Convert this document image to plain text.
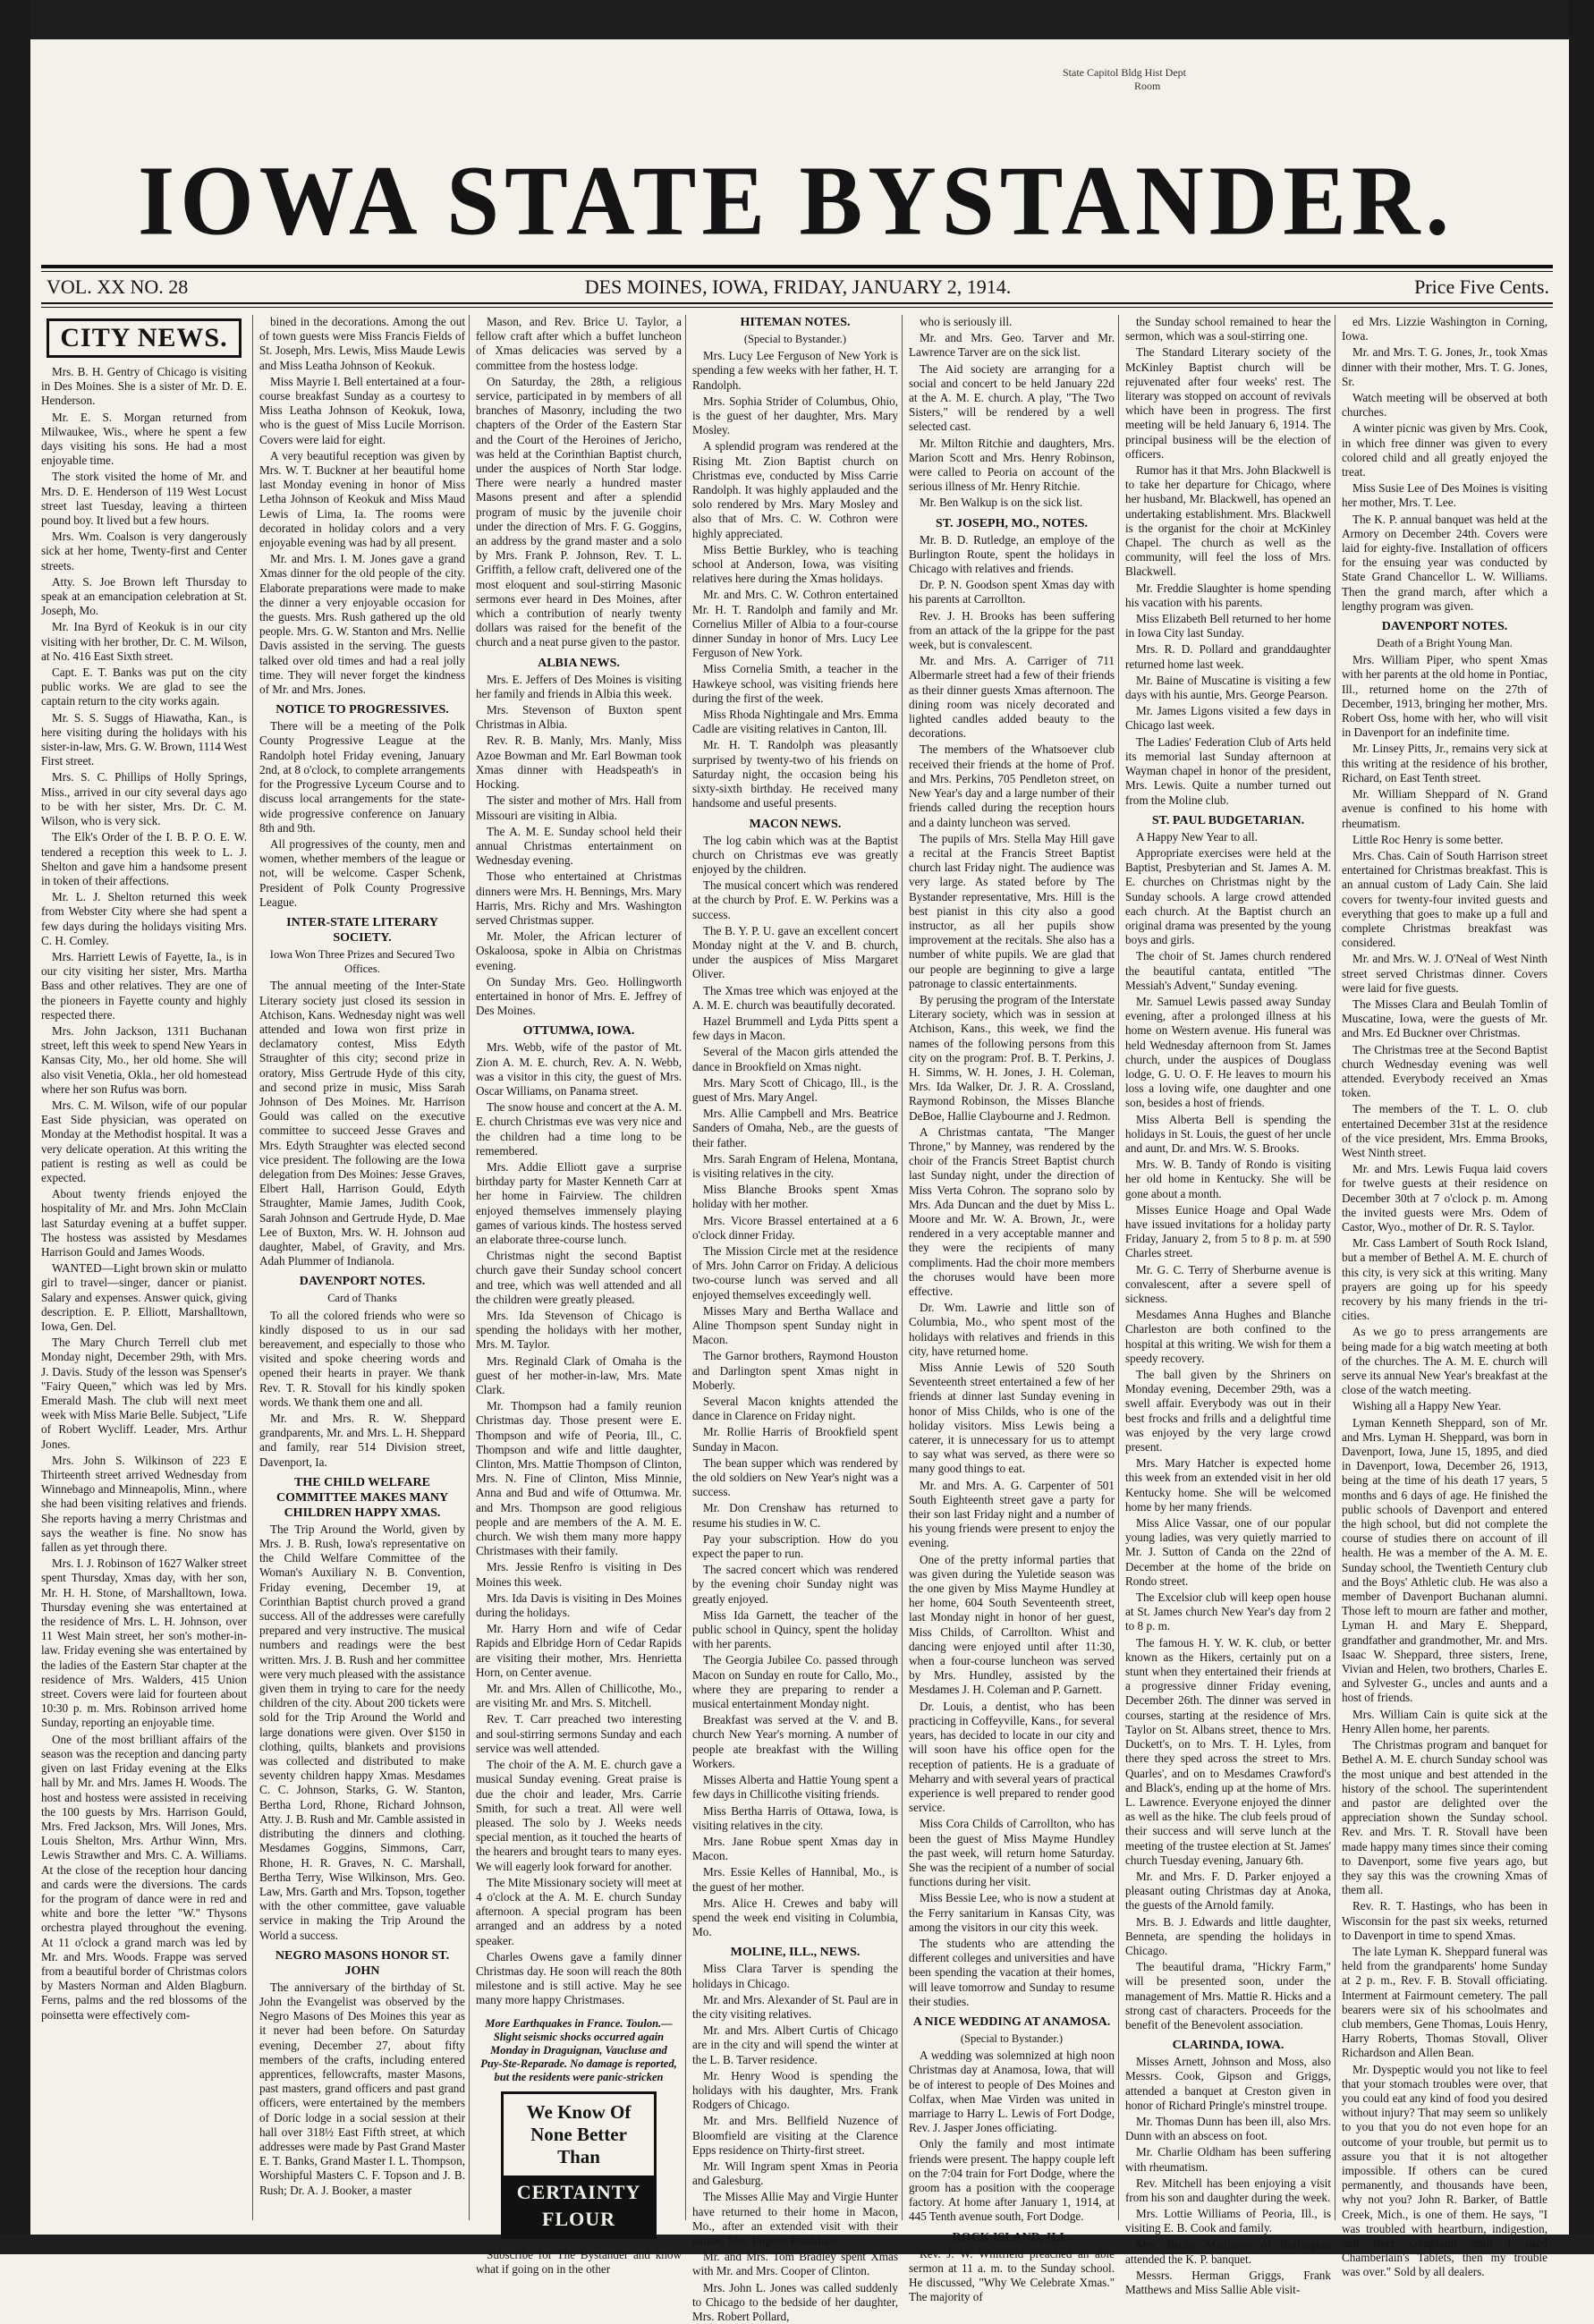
State Capitol Bldg Hist Dept
Room
IOWA STATE BYSTANDER.
DES MOINES, IOWA, FRIDAY, JANUARY 2, 1914.
VOL. XX NO. 28	Price Five Cents.
CITY NEWS.

Mrs. B. H. Gentry of Chicago is visiting in Des Moines. She is a sister of Mr. D. E. Henderson.

Mr. E. S. Morgan returned from Milwaukee, Wis., where he spent a few days visiting his sons. He had a most enjoyable time.

The stork visited the home of Mr. and Mrs. D. E. Henderson of 119 West Locust street last Tuesday, leaving a thirteen pound boy. It lived but a few hours.

Mrs. Wm. Coalson is very dangerously sick at her home, Twenty-first and Center streets.

Atty. S. Joe Brown left Thursday to speak at an emancipation celebration at St. Joseph, Mo.

Mr. Ina Byrd of Keokuk is in our city visiting with her brother, Dr. C. M. Wilson, at No. 416 East Sixth street.

Capt. E. T. Banks was put on the city public works. We are glad to see the captain return to the city works again.

Mr. S. S. Suggs of Hiawatha, Kan., is here visiting during the holidays with his sister-in-law, Mrs. G. W. Brown, 1114 West First street.

Mrs. S. C. Phillips of Holly Springs, Miss., arrived in our city several days ago to be with her sister, Mrs. Dr. C. M. Wilson, who is very sick.

The Elk's Order of the I. B. P. O. E. W. tendered a reception this week to L. J. Shelton and gave him a handsome present in token of their affections.

Mr. L. J. Shelton returned this week from Webster City where she had spent a few days during the holidays visiting Mrs. C. H. Comley.

Mrs. Harriett Lewis of Fayette, Ia., is in our city visiting her sister, Mrs. Martha Bass and other relatives. They are one of the pioneers in Fayette county and highly respected there.

Mrs. John Jackson, 1311 Buchanan street, left this week to spend New Years in Kansas City, Mo., her old home. She will also visit Venetia, Okla., her old homestead where her son Rufus was born.

Mrs. C. M. Wilson, wife of our popular East Side physician, was operated on Monday at the Methodist hospital. It was a very delicate operation. At this writing the patient is resting as well as could be expected.

About twenty friends enjoyed the hospitality of Mr. and Mrs. John McClain last Saturday evening at a buffet supper. The hostess was assisted by Mesdames Harrison Gould and James Woods.

WANTED—Light brown skin or mulatto girl to travel—singer, dancer or pianist. Salary and expenses. Answer quick, giving description. E. P. Elliott, Marshalltown, Iowa, Gen. Del.

The Mary Church Terrell club met Monday night, December 29th, with Mrs. J. Davis. Study of the lesson was Spenser's "Fairy Queen," which was led by Mrs. Emerald Mash. The club will next meet week with Miss Marie Belle. Subject, "Life of Robert Wycliff. Leader, Mrs. Arthur Jones.

Mrs. John S. Wilkinson of 223 E Thirteenth street arrived Wednesday from Winnebago and Minneapolis, Minn., where she had been visiting relatives and friends. She reports having a merry Christmas and says the weather is fine. No snow has fallen as yet through there.

Mrs. I. J. Robinson of 1627 Walker street spent Thursday, Xmas day, with her son, Mr. H. H. Stone, of Marshalltown, Iowa. Thursday evening she was entertained at the residence of Mrs. L. H. Johnson, over 11 West Main street, her son's mother-in-law. Friday evening she was entertained by the ladies of the Eastern Star chapter at the residence of Mrs. Walders, 415 Union street. Covers were laid for fourteen about 10:30 p. m. Mrs. Robinson arrived home Sunday, reporting an enjoyable time.

One of the most brilliant affairs of the season was the reception and dancing party given on last Friday evening at the Elks hall by Mr. and Mrs. James H. Woods. The host and hostess were assisted in receiving the 100 guests by Mrs. Harrison Gould, Mrs. Fred Jackson, Mrs. Will Jones, Mrs. Louis Shelton, Mrs. Arthur Winn, Mrs. Lewis Strawther and Mrs. C. A. Williams. At the close of the reception hour dancing and cards were the diversions. The cards for the program of dance were in red and white and bore the letter "W." Thysons orchestra played throughout the evening. At 11 o'clock a grand march was led by Mr. and Mrs. Woods. Frappe was served from a beautiful border of Christmas colors by Masters Norman and Alden Blagburn. Ferns, palms and the red blossoms of the poinsetta were effectively com-

bined in the decorations. Among the out of town guests were Miss Francis Fields of St. Joseph, Mrs. Lewis, Miss Maude Lewis and Miss Leatha Johnson of Keokuk.

Miss Mayrie I. Bell entertained at a four-course breakfast Sunday as a courtesy to Miss Leatha Johnson of Keokuk, Iowa, who is the guest of Miss Lucile Morrison. Covers were laid for eight.

A very beautiful reception was given by Mrs. W. T. Buckner at her beautiful home last Monday evening in honor of Miss Letha Johnson of Keokuk and Miss Maud Lewis of Lima, Ia. The rooms were decorated in holiday colors and a very enjoyable evening was had by all present.

Mr. and Mrs. I. M. Jones gave a grand Xmas dinner for the old people of the city. Elaborate preparations were made to make the dinner a very enjoyable occasion for the guests. Mrs. Rush gathered up the old people. Mrs. G. W. Stanton and Mrs. Nellie Davis assisted in the serving. The guests talked over old times and had a real jolly time. They will never forget the kindness of Mr. and Mrs. Jones.

NOTICE TO PROGRESSIVES.

There will be a meeting of the Polk County Progressive League at the Randolph hotel Friday evening, January 2nd, at 8 o'clock, to complete arrangements for the Progressive Lyceum Course and to discuss local arrangements for the state-wide progressive conference on January 8th and 9th.

All progressives of the county, men and women, whether members of the league or not, will be welcome. Casper Schenk, President of Polk County Progressive League.

INTER-STATE LITERARY SOCIETY.
Iowa Won Three Prizes and Secured Two Offices.

The annual meeting of the Inter-State Literary society just closed its session in Atchison, Kans. Wednesday night was well attended and Iowa won first prize in declamatory contest, Miss Edyth Straughter of this city; second prize in oratory, Miss Gertrude Hyde of this city, and second prize in music, Miss Sarah Johnson of Des Moines. Mr. Harrison Gould was called on the executive committee to succeed Jesse Graves and Mrs. Edyth Straughter was elected second vice president. The following are the Iowa delegation from Des Moines: Jesse Graves, Elbert Hall, Harrison Gould, Edyth Straughter, Mamie James, Judith Cook, Sarah Johnson and Gertrude Hyde, D. Mae Lee of Buxton, Mrs. W. H. Johnson aud daughter, Mabel, of Gravity, and Mrs. Adah Plummer of Indianola.

DAVENPORT NOTES.
Card of Thanks

To all the colored friends who were so kindly disposed to us in our sad bereavement, and especially to those who visited and spoke cheering words and opened their hearts in prayer. We thank Rev. T. R. Stovall for his kindly spoken words. We thank them one and all.

Mr. and Mrs. R. W. Sheppard grandparents, Mr. and Mrs. L. H. Sheppard and family, rear 514 Division street, Davenport, Ia.

THE CHILD WELFARE COMMITTEE MAKES MANY CHILDREN HAPPY XMAS.

The Trip Around the World, given by Mrs. J. B. Rush, Iowa's representative on the Child Welfare Committee of the Woman's Auxiliary N. B. Convention, Friday evening, December 19, at Corinthian Baptist church proved a grand success. All of the addresses were carefully prepared and very instructive. The musical numbers and readings were the best written. Mrs. J. B. Rush and her committee were very much pleased with the assistance given them in trying to care for the needy children of the city. About 200 tickets were sold for the Trip Around the World and large donations were given. Over $150 in clothing, quilts, blankets and provisions was collected and distributed to make seventy children happy Xmas. Mesdames C. C. Johnson, Starks, G. W. Stanton, Bertha Lord, Rhone, Richard Johnson, Atty. J. B. Rush and Mr. Camble assisted in distributing the dinners and clothing. Mesdames Goggins, Simmons, Carr, Rhone, H. R. Graves, N. C. Marshall, Bertha Terry, Wise Wilkinson, Mrs. Geo. Law, Mrs. Garth and Mrs. Topson, together with the other committee, gave valuable service in making the Trip Around the World a success.

NEGRO MASONS HONOR ST. JOHN

The anniversary of the birthday of St. John the Evangelist was observed by the Negro Masons of Des Moines this year as it never had been before. On Saturday evening, December 27, about fifty members of the crafts, including entered apprentices, fellowcrafts, master Masons, past masters, grand officers and past grand officers, were entertained by the members of Doric lodge in a social session at their hall over 318½ East Fifth street, at which addresses were made by Past Grand Master E. T. Banks, Grand Master I. L. Thompson, Worshipful Masters C. F. Topson and J. B. Rush; Dr. A. J. Booker, a master

Mason, and Rev. Brice U. Taylor, a fellow craft after which a buffet luncheon of Xmas delicacies was served by a committee from the hostess lodge.

On Saturday, the 28th, a religious service, participated in by members of all branches of Masonry, including the two chapters of the Order of the Eastern Star and the Court of the Heroines of Jericho, was held at the Corinthian Baptist church, under the auspices of North Star lodge. There were nearly a hundred master Masons present and after a splendid program of music by the juvenile choir under the direction of Mrs. F. G. Goggins, an address by the grand master and a solo by Mrs. Frank P. Johnson, Rev. T. L. Griffith, a fellow craft, delivered one of the most eloquent and soul-stirring Masonic sermons ever heard in Des Moines, after which a contribution of nearly twenty dollars was raised for the benefit of the church and a neat purse given to the pastor.

ALBIA NEWS.

Mrs. E. Jeffers of Des Moines is visiting her family and friends in Albia this week.

Mrs. Stevenson of Buxton spent Christmas in Albia.

Rev. R. B. Manly, Mrs. Manly, Miss Azoe Bowman and Mr. Earl Bowman took Xmas dinner with Headspeath's in Hocking.

The sister and mother of Mrs. Hall from Missouri are visiting in Albia.

The A. M. E. Sunday school held their annual Christmas entertainment on Wednesday evening.

Those who entertained at Christmas dinners were Mrs. H. Bennings, Mrs. Mary Harris, Mrs. Richy and Mrs. Washington served Christmas supper.

Mr. Moler, the African lecturer of Oskaloosa, spoke in Albia on Christmas evening.

On Sunday Mrs. Geo. Hollingworth entertained in honor of Mrs. E. Jeffrey of Des Moines.

OTTUMWA, IOWA.

Mrs. Webb, wife of the pastor of Mt. Zion A. M. E. church, Rev. A. N. Webb, was a visitor in this city, the guest of Mrs. Oscar Williams, on Panama street.

The snow house and concert at the A. M. E. church Christmas eve was very nice and the children had a time long to be remembered.

Mrs. Addie Elliott gave a surprise birthday party for Master Kenneth Carr at her home in Fairview. The children enjoyed themselves immensely playing games of various kinds. The hostess served an elaborate three-course lunch.

Christmas night the second Baptist church gave their Sunday school concert and tree, which was well attended and all the children were greatly pleased.

Mrs. Ida Stevenson of Chicago is spending the holidays with her mother, Mrs. M. Taylor.

Mrs. Reginald Clark of Omaha is the guest of her mother-in-law, Mrs. Mate Clark.

Mr. Thompson had a family reunion Christmas day. Those present were E. Thompson and wife of Peoria, Ill., C. Thompson and wife and little daughter, Clinton, Mrs. Mattie Thompson of Clinton, Mrs. N. Fine of Clinton, Miss Minnie, Anna and Bud and wife of Ottumwa. Mr. and Mrs. Thompson are good religious people and are members of the A. M. E. church. We wish them many more happy Christmases with their family.

Mrs. Jessie Renfro is visiting in Des Moines this week.

Mrs. Ida Davis is visiting in Des Moines during the holidays.

Mr. Harry Horn and wife of Cedar Rapids and Elbridge Horn of Cedar Rapids are visiting their mother, Mrs. Henrietta Horn, on Center avenue.

Mr. and Mrs. Allen of Chillicothe, Mo., are visiting Mr. and Mrs. S. Mitchell.

Rev. T. Carr preached two interesting and soul-stirring sermons Sunday and each service was well attended.

The choir of the A. M. E. church gave a musical Sunday evening. Great praise is due the choir and leader, Mrs. Carrie Smith, for such a treat. All were well pleased. The solo by J. Weeks needs special mention, as it touched the hearts of the hearers and brought tears to many eyes. We will eagerly look forward for another.

The Mite Missionary society will meet at 4 o'clock at the A. M. E. church Sunday afternoon. A special program has been arranged and an address by a noted speaker.

Charles Owens gave a family dinner Christmas day. He soon will reach the 80th milestone and is still active. May he see many more happy Christmases.

More Earthquakes in France. Toulon.—Slight seismic shocks occurred again Monday in Draguignan, Vaucluse and Puy-Ste-Reparade. No damage is reported, but the residents were panic-stricken
We Know Of None Better Than
CERTAINTY FLOUR

Subscribe for The Bystander and know what if going on in the other

HITEMAN NOTES.
(Special to Bystander.)

Mrs. Lucy Lee Ferguson of New York is spending a few weeks with her father, H. T. Randolph.

Mrs. Sophia Strider of Columbus, Ohio, is the guest of her daughter, Mrs. Mary Mosley.

A splendid program was rendered at the Rising Mt. Zion Baptist church on Christmas eve, conducted by Miss Carrie Randolph. It was highly applauded and the solo rendered by Mrs. Mary Mosley and also that of Mrs. C. W. Cothron were highly appreciated.

Miss Bettie Burkley, who is teaching school at Anderson, Iowa, was visiting relatives here during the Xmas holidays.

Mr. and Mrs. C. W. Cothron entertained Mr. H. T. Randolph and family and Mr. Cornelius Miller of Albia to a four-course dinner Sunday in honor of Mrs. Lucy Lee Ferguson of New York.

Miss Cornelia Smith, a teacher in the Hawkeye school, was visiting friends here during the first of the week.

Miss Rhoda Nightingale and Mrs. Emma Cadle are visiting relatives in Canton, Ill.

Mr. H. T. Randolph was pleasantly surprised by twenty-two of his friends on Saturday night, the occasion being his sixty-sixth birthday. He received many handsome and useful presents.

MACON NEWS.

The log cabin which was at the Baptist church on Christmas eve was greatly enjoyed by the children.

The musical concert which was rendered at the church by Prof. E. W. Perkins was a success.

The B. Y. P. U. gave an excellent concert Monday night at the V. and B. church, under the auspices of Miss Margaret Oliver.

The Xmas tree which was enjoyed at the A. M. E. church was beautifully decorated.

Hazel Brummell and Lyda Pitts spent a few days in Macon.

Several of the Macon girls attended the dance in Brookfield on Xmas night.

Mrs. Mary Scott of Chicago, Ill., is the guest of Mrs. Mary Angel.

Mrs. Allie Campbell and Mrs. Beatrice Sanders of Omaha, Neb., are the guests of their father.

Mrs. Sarah Engram of Helena, Montana, is visiting relatives in the city.

Miss Blanche Brooks spent Xmas holiday with her mother.

Mrs. Vicore Brassel entertained at a 6 o'clock dinner Friday.

The Mission Circle met at the residence of Mrs. John Carror on Friday. A delicious two-course lunch was served and all enjoyed themselves exceedingly well.

Misses Mary and Bertha Wallace and Aline Thompson spent Sunday night in Macon.

The Garnor brothers, Raymond Houston and Darlington spent Xmas night in Moberly.

Several Macon knights attended the dance in Clarence on Friday night.

Mr. Rollie Harris of Brookfield spent Sunday in Macon.

The bean supper which was rendered by the old soldiers on New Year's night was a success.

Mr. Don Crenshaw has returned to resume his studies in W. C.

Pay your subscription. How do you expect the paper to run.

The sacred concert which was rendered by the evening choir Sunday night was greatly enjoyed.

Miss Ida Garnett, the teacher of the public school in Quincy, spent the holiday with her parents.

The Georgia Jubilee Co. passed through Macon on Sunday en route for Callo, Mo., where they are preparing to render a musical entertainment Monday night.

Breakfast was served at the V. and B. church New Year's morning. A number of people ate breakfast with the Willing Workers.

Misses Alberta and Hattie Young spent a few days in Chillicothe visiting friends.

Miss Bertha Harris of Ottawa, Iowa, is visiting relatives in the city.

Mrs. Jane Robue spent Xmas day in Macon.

Mrs. Essie Kelles of Hannibal, Mo., is the guest of her mother.

Mrs. Alice H. Crewes and baby will spend the week end visiting in Columbia, Mo.

MOLINE, ILL., NEWS.

Miss Clara Tarver is spending the holidays in Chicago.

Mr. and Mrs. Alexander of St. Paul are in the city visiting relatives.

Mr. and Mrs. Albert Curtis of Chicago are in the city and will spend the winter at the L. B. Tarver residence.

Mr. Henry Wood is spending the holidays with his daughter, Mrs. Frank Rodgers of Chicago.

Mr. and Mrs. Bellfield Nuzence of Bloomfield are visiting at the Clarence Epps residence on Thirty-first street.

Mr. Will Ingram spent Xmas in Peoria and Galesburg.

The Misses Allie May and Virgie Hunter have returned to their home in Macon, Mo., after an extended visit with their auntie, Mrs. Eugene Bradshaw.

Mr. and Mrs. Tom Bradley spent Xmas with Mr. and Mrs. Cooper of Clinton.

Mrs. John L. Jones was called suddenly to Chicago to the bedside of her daughter, Mrs. Robert Pollard,

who is seriously ill.

Mr. and Mrs. Geo. Tarver and Mr. Lawrence Tarver are on the sick list.

The Aid society are arranging for a social and concert to be held January 22d at the A. M. E. church. A play, "The Two Sisters," will be rendered by a well selected cast.

Mr. Milton Ritchie and daughters, Mrs. Marion Scott and Mrs. Henry Robinson, were called to Peoria on account of the serious illness of Mr. Henry Ritchie.

Mr. Ben Walkup is on the sick list.

ST. JOSEPH, MO., NOTES.

Mr. B. D. Rutledge, an employe of the Burlington Route, spent the holidays in Chicago with relatives and friends.

Dr. P. N. Goodson spent Xmas day with his parents at Carrollton.

Rev. J. H. Brooks has been suffering from an attack of the la grippe for the past week, but is convalescent.

Mr. and Mrs. A. Carriger of 711 Albermarle street had a few of their friends as their dinner guests Xmas afternoon. The dining room was nicely decorated and lighted candles added beauty to the decorations.

The members of the Whatsoever club received their friends at the home of Prof. and Mrs. Perkins, 705 Pendleton street, on New Year's day and a large number of their friends called during the reception hours and a dainty luncheon was served.

The pupils of Mrs. Stella May Hill gave a recital at the Francis Street Baptist church last Friday night. The audience was very large. As stated before by The Bystander representative, Mrs. Hill is the best pianist in this city also a good instructor, as all her pupils show improvement at the recitals. She also has a number of white pupils. We are glad that our people are beginning to give a large patronage to classic entertainments.

By perusing the program of the Interstate Literary society, which was in session at Atchison, Kans., this week, we find the names of the following persons from this city on the program: Prof. B. T. Perkins, J. H. Simms, W. H. Jones, J. H. Coleman, Mrs. Ida Walker, Dr. J. R. A. Crossland, Raymond Robinson, the Misses Blanche DeBoe, Hallie Claybourne and J. Redmon.

A Christmas cantata, "The Manger Throne," by Manney, was rendered by the choir of the Francis Street Baptist church last Sunday night, under the direction of Miss Verta Cohron. The soprano solo by Mrs. Ada Duncan and the duet by Miss L. Moore and Mr. W. A. Brown, Jr., were rendered in a very acceptable manner and they were the recipients of many compliments. Had the choir more members the choruses would have been more effective.

Dr. Wm. Lawrie and little son of Columbia, Mo., who spent most of the holidays with relatives and friends in this city, have returned home.

Miss Annie Lewis of 520 South Seventeenth street entertained a few of her friends at dinner last Sunday evening in honor of Miss Childs, who is one of the holiday visitors. Miss Lewis being a caterer, it is unnecessary for us to attempt to say what was served, as there were so many good things to eat.

Mr. and Mrs. A. G. Carpenter of 501 South Eighteenth street gave a party for their son last Friday night and a number of his young friends were present to enjoy the evening.

One of the pretty informal parties that was given during the Yuletide season was the one given by Miss Mayme Hundley at her home, 604 South Seventeenth street, last Monday night in honor of her guest, Miss Childs, of Carrollton. Whist and dancing were enjoyed until after 11:30, when a four-course luncheon was served by Mrs. Hundley, assisted by the Mesdames J. H. Coleman and P. Garnett.

Dr. Louis, a dentist, who has been practicing in Coffeyville, Kans., for several years, has decided to locate in our city and will soon have his office open for the reception of patients. He is a graduate of Meharry and with several years of practical experience is well prepared to render good service.

Miss Cora Childs of Carrollton, who has been the guest of Miss Mayme Hundley the past week, will return home Saturday. She was the recipient of a number of social functions during her visit.

Miss Bessie Lee, who is now a student at the Ferry sanitarium in Kansas City, was among the visitors in our city this week.

The students who are attending the different colleges and universities and have been spending the vacation at their homes, will leave tomorrow and Sunday to resume their studies.

A NICE WEDDING AT ANAMOSA.
(Special to Bystander.)

A wedding was solemnized at high noon Christmas day at Anamosa, Iowa, that will be of interest to people of Des Moines and Colfax, when Mae Virden was united in marriage to Harry L. Lewis of Fort Dodge, Rev. J. Jasper Jones officiating.

Only the family and most intimate friends were present. The happy couple left on the 7:04 train for Fort Dodge, where the groom has a position with the cooperage factory. At home after January 1, 1914, at 445 Tenth avenue south, Fort Dodge.

ROCK ISLAND, ILL.

Rev. J. W. Whitfield preached an able sermon at 11 a. m. to the Sunday school. He discussed, "Why We Celebrate Xmas." The majority of

the Sunday school remained to hear the sermon, which was a soul-stirring one.

The Standard Literary society of the McKinley Baptist church will be rejuvenated after four weeks' rest. The literary was stopped on account of revivals which have been in progress. The first meeting will be held January 6, 1914. The principal business will be the election of officers.

Rumor has it that Mrs. John Blackwell is to take her departure for Chicago, where her husband, Mr. Blackwell, has opened an undertaking establishment. Mrs. Blackwell is the organist for the choir at McKinley Chapel. The church as well as the community, will feel the loss of Mrs. Blackwell.

Mr. Freddie Slaughter is home spending his vacation with his parents.

Miss Elizabeth Bell returned to her home in Iowa City last Sunday.

Mrs. R. D. Pollard and granddaughter returned home last week.

Mr. Baine of Muscatine is visiting a few days with his auntie, Mrs. George Pearson.

Mr. James Ligons visited a few days in Chicago last week.

The Ladies' Federation Club of Arts held its memorial last Sunday afternoon at Wayman chapel in honor of the president, Mrs. Lewis. Quite a number turned out from the Moline club.

ST. PAUL BUDGETARIAN.

A Happy New Year to all.

Appropriate exercises were held at the Baptist, Presbyterian and St. James A. M. E. churches on Christmas night by the Sunday schools. A large crowd attended each church. At the Baptist church an original drama was presented by the young boys and girls.

The choir of St. James church rendered the beautiful cantata, entitled "The Messiah's Advent," Sunday evening.

Mr. Samuel Lewis passed away Sunday evening, after a prolonged illness at his home on Western avenue. His funeral was held Wednesday afternoon from St. James church, under the auspices of Douglass lodge, G. U. O. F. He leaves to mourn his loss a loving wife, one daughter and one son, besides a host of friends.

Miss Alberta Bell is spending the holidays in St. Louis, the guest of her uncle and aunt, Dr. and Mrs. W. S. Brooks.

Mrs. W. B. Tandy of Rondo is visiting her old home in Kentucky. She will be gone about a month.

Misses Eunice Hoage and Opal Wade have issued invitations for a holiday party Friday, January 2, from 5 to 8 p. m. at 590 Charles street.

Mr. G. C. Terry of Sherburne avenue is convalescent, after a severe spell of sickness.

Mesdames Anna Hughes and Blanche Charleston are both confined to the hospital at this writing. We wish for them a speedy recovery.

The ball given by the Shriners on Monday evening, December 29th, was a swell affair. Everybody was out in their best frocks and frills and a delightful time was enjoyed by the very large crowd present.

Mrs. Mary Hatcher is expected home this week from an extended visit in her old Kentucky home. She will be welcomed home by her many friends.

Miss Alice Vassar, one of our popular young ladies, was very quietly married to Mr. J. Sutton of Canda on the 22nd of December at the home of the bride on Rondo street.

The Excelsior club will keep open house at St. James church New Year's day from 2 to 8 p. m.

The famous H. Y. W. K. club, or better known as the Hikers, certainly put on a stunt when they entertained their friends at a progressive dinner Friday evening, December 26th. The dinner was served in courses, starting at the residence of Mrs. Taylor on St. Albans street, thence to Mrs. Duckett's, on to Mrs. T. H. Lyles, from there they sped across the street to Mrs. Quarles', and on to Mesdames Crawford's and Black's, ending up at the home of Mrs. L. Lawrence. Everyone enjoyed the dinner as well as the hike. The club feels proud of their success and will serve lunch at the meeting of the trustee election at St. James' church Tuesday evening, January 6th.

Mr. and Mrs. F. D. Parker enjoyed a pleasant outing Christmas day at Anoka, the guests of the Arnold family.

Mrs. B. J. Edwards and little daughter, Benneta, are spending the holidays in Chicago.

The beautiful drama, "Hickry Farm," will be presented soon, under the management of Mrs. Mattie R. Hicks and a strong cast of characters. Proceeds for the benefit of the Benevolent association.

CLARINDA, IOWA.

Misses Arnett, Johnson and Moss, also Messrs. Cook, Gipson and Griggs, attended a banquet at Creston given in honor of Richard Pringle's minstrel troupe.

Mr. Thomas Dunn has been ill, also Mrs. Dunn with an abscess on foot.

Mr. Charlie Oldham has been suffering with rheumatism.

Rev. Mitchell has been enjoying a visit from his son and daughter during the week.

Mrs. Lottie Williams of Peoria, Ill., is visiting E. B. Cook and family.

Mrs. Birdie Matthews of Burlington attended the K. P. banquet.

Messrs. Herman Griggs, Frank Matthews and Miss Sallie Able visit-

ed Mrs. Lizzie Washington in Corning, Iowa.

Mr. and Mrs. T. G. Jones, Jr., took Xmas dinner with their mother, Mrs. T. G. Jones, Sr.

Watch meeting will be observed at both churches.

A winter picnic was given by Mrs. Cook, in which free dinner was given to every colored child and all greatly enjoyed the treat.

Miss Susie Lee of Des Moines is visiting her mother, Mrs. T. Lee.

The K. P. annual banquet was held at the Armory on December 24th. Covers were laid for eighty-five. Installation of officers for the ensuing year was conducted by State Grand Chancellor L. W. Williams. Then the grand march, after which a lengthy program was given.

DAVENPORT NOTES.
Death of a Bright Young Man.

Mrs. William Piper, who spent Xmas with her parents at the old home in Pontiac, Ill., returned home on the 27th of December, 1913, bringing her mother, Mrs. Robert Oss, home with her, who will visit in Davenport for an indefinite time.

Mr. Linsey Pitts, Jr., remains very sick at this writing at the residence of his brother, Richard, on East Tenth street.

Mr. William Sheppard of N. Grand avenue is confined to his home with rheumatism.

Little Roc Henry is some better.

Mrs. Chas. Cain of South Harrison street entertained for Christmas breakfast. This is an annual custom of Lady Cain. She laid covers for twenty-four invited guests and everything that goes to make up a full and complete Christmas breakfast was considered.

Mr. and Mrs. W. J. O'Neal of West Ninth street served Christmas dinner. Covers were laid for five guests.

The Misses Clara and Beulah Tomlin of Muscatine, Iowa, were the guests of Mr. and Mrs. Ed Buckner over Christmas.

The Christmas tree at the Second Baptist church Wednesday evening was well attended. Everybody received an Xmas token.

The members of the T. L. O. club entertained December 31st at the residence of the vice president, Mrs. Emma Brooks, West Ninth street.

Mr. and Mrs. Lewis Fuqua laid covers for twelve guests at their residence on December 30th at 7 o'clock p. m. Among the invited guests were Mrs. Odem of Castor, Wyo., mother of Dr. R. S. Taylor.

Mr. Cass Lambert of South Rock Island, but a member of Bethel A. M. E. church of this city, is very sick at this writing. Many prayers are going up for his speedy recovery by his many friends in the tri-cities.

As we go to press arrangements are being made for a big watch meeting at both of the churches. The A. M. E. church will serve its annual New Year's breakfast at the close of the watch meeting.

Wishing all a Happy New Year.

Lyman Kenneth Sheppard, son of Mr. and Mrs. Lyman H. Sheppard, was born in Davenport, Iowa, June 15, 1895, and died in Davenport, Iowa, December 26, 1913, being at the time of his death 17 years, 5 months and 6 days of age. He finished the public schools of Davenport and entered the high school, but did not complete the course of studies there on account of ill health. He was a member of the A. M. E. Sunday school, the Twentieth Century club and the Boys' Athletic club. He was also a member of Davenport Buchanan alumni. Those left to mourn are father and mother, Lyman H. and Mary E. Sheppard, grandfather and grandmother, Mr. and Mrs. Isaac W. Sheppard, three sisters, Irene, Vivian and Helen, two brothers, Charles E. and Sylvester G., uncles and aunts and a host of friends.

Mrs. William Cain is quite sick at the Henry Allen home, her parents.

The Christmas program and banquet for Bethel A. M. E. church Sunday school was the most unique and best attended in the history of the school. The superintendent and pastor are delighted over the appreciation shown the Sunday school. Rev. and Mrs. T. R. Stovall have been made happy many times since their coming to Davenport, some five years ago, but they say this was the crowning Xmas of them all.

Rev. R. T. Hastings, who has been in Wisconsin for the past six weeks, returned to Davenport in time to spend Xmas.

The late Lyman K. Sheppard funeral was held from the grandparents' home Sunday at 2 p. m., Rev. F. B. Stovall officiating. Interment at Fairmount cemetery. The pall bearers were six of his schoolmates and club members, Gene Thomas, Louis Henry, Harry Roberts, Thomas Stovall, Oliver Richardson and Allen Bean.

Mr. Dyspeptic would you not like to feel that your stomach troubles were over, that you could eat any kind of food you desired without injury? That may seem so unlikely to you that you do not even hope for an outcome of your trouble, but permit us to assure you that it is not altogether impossible. If others can be cured permanently, and thousands have been, why not you? John R. Barker, of Battle Creek, Mich., is one of them. He says, "I was troubled with heartburn, indigestion, and liver complaint until I used Chamberlain's Tablets, then my trouble was over." Sold by all dealers.
